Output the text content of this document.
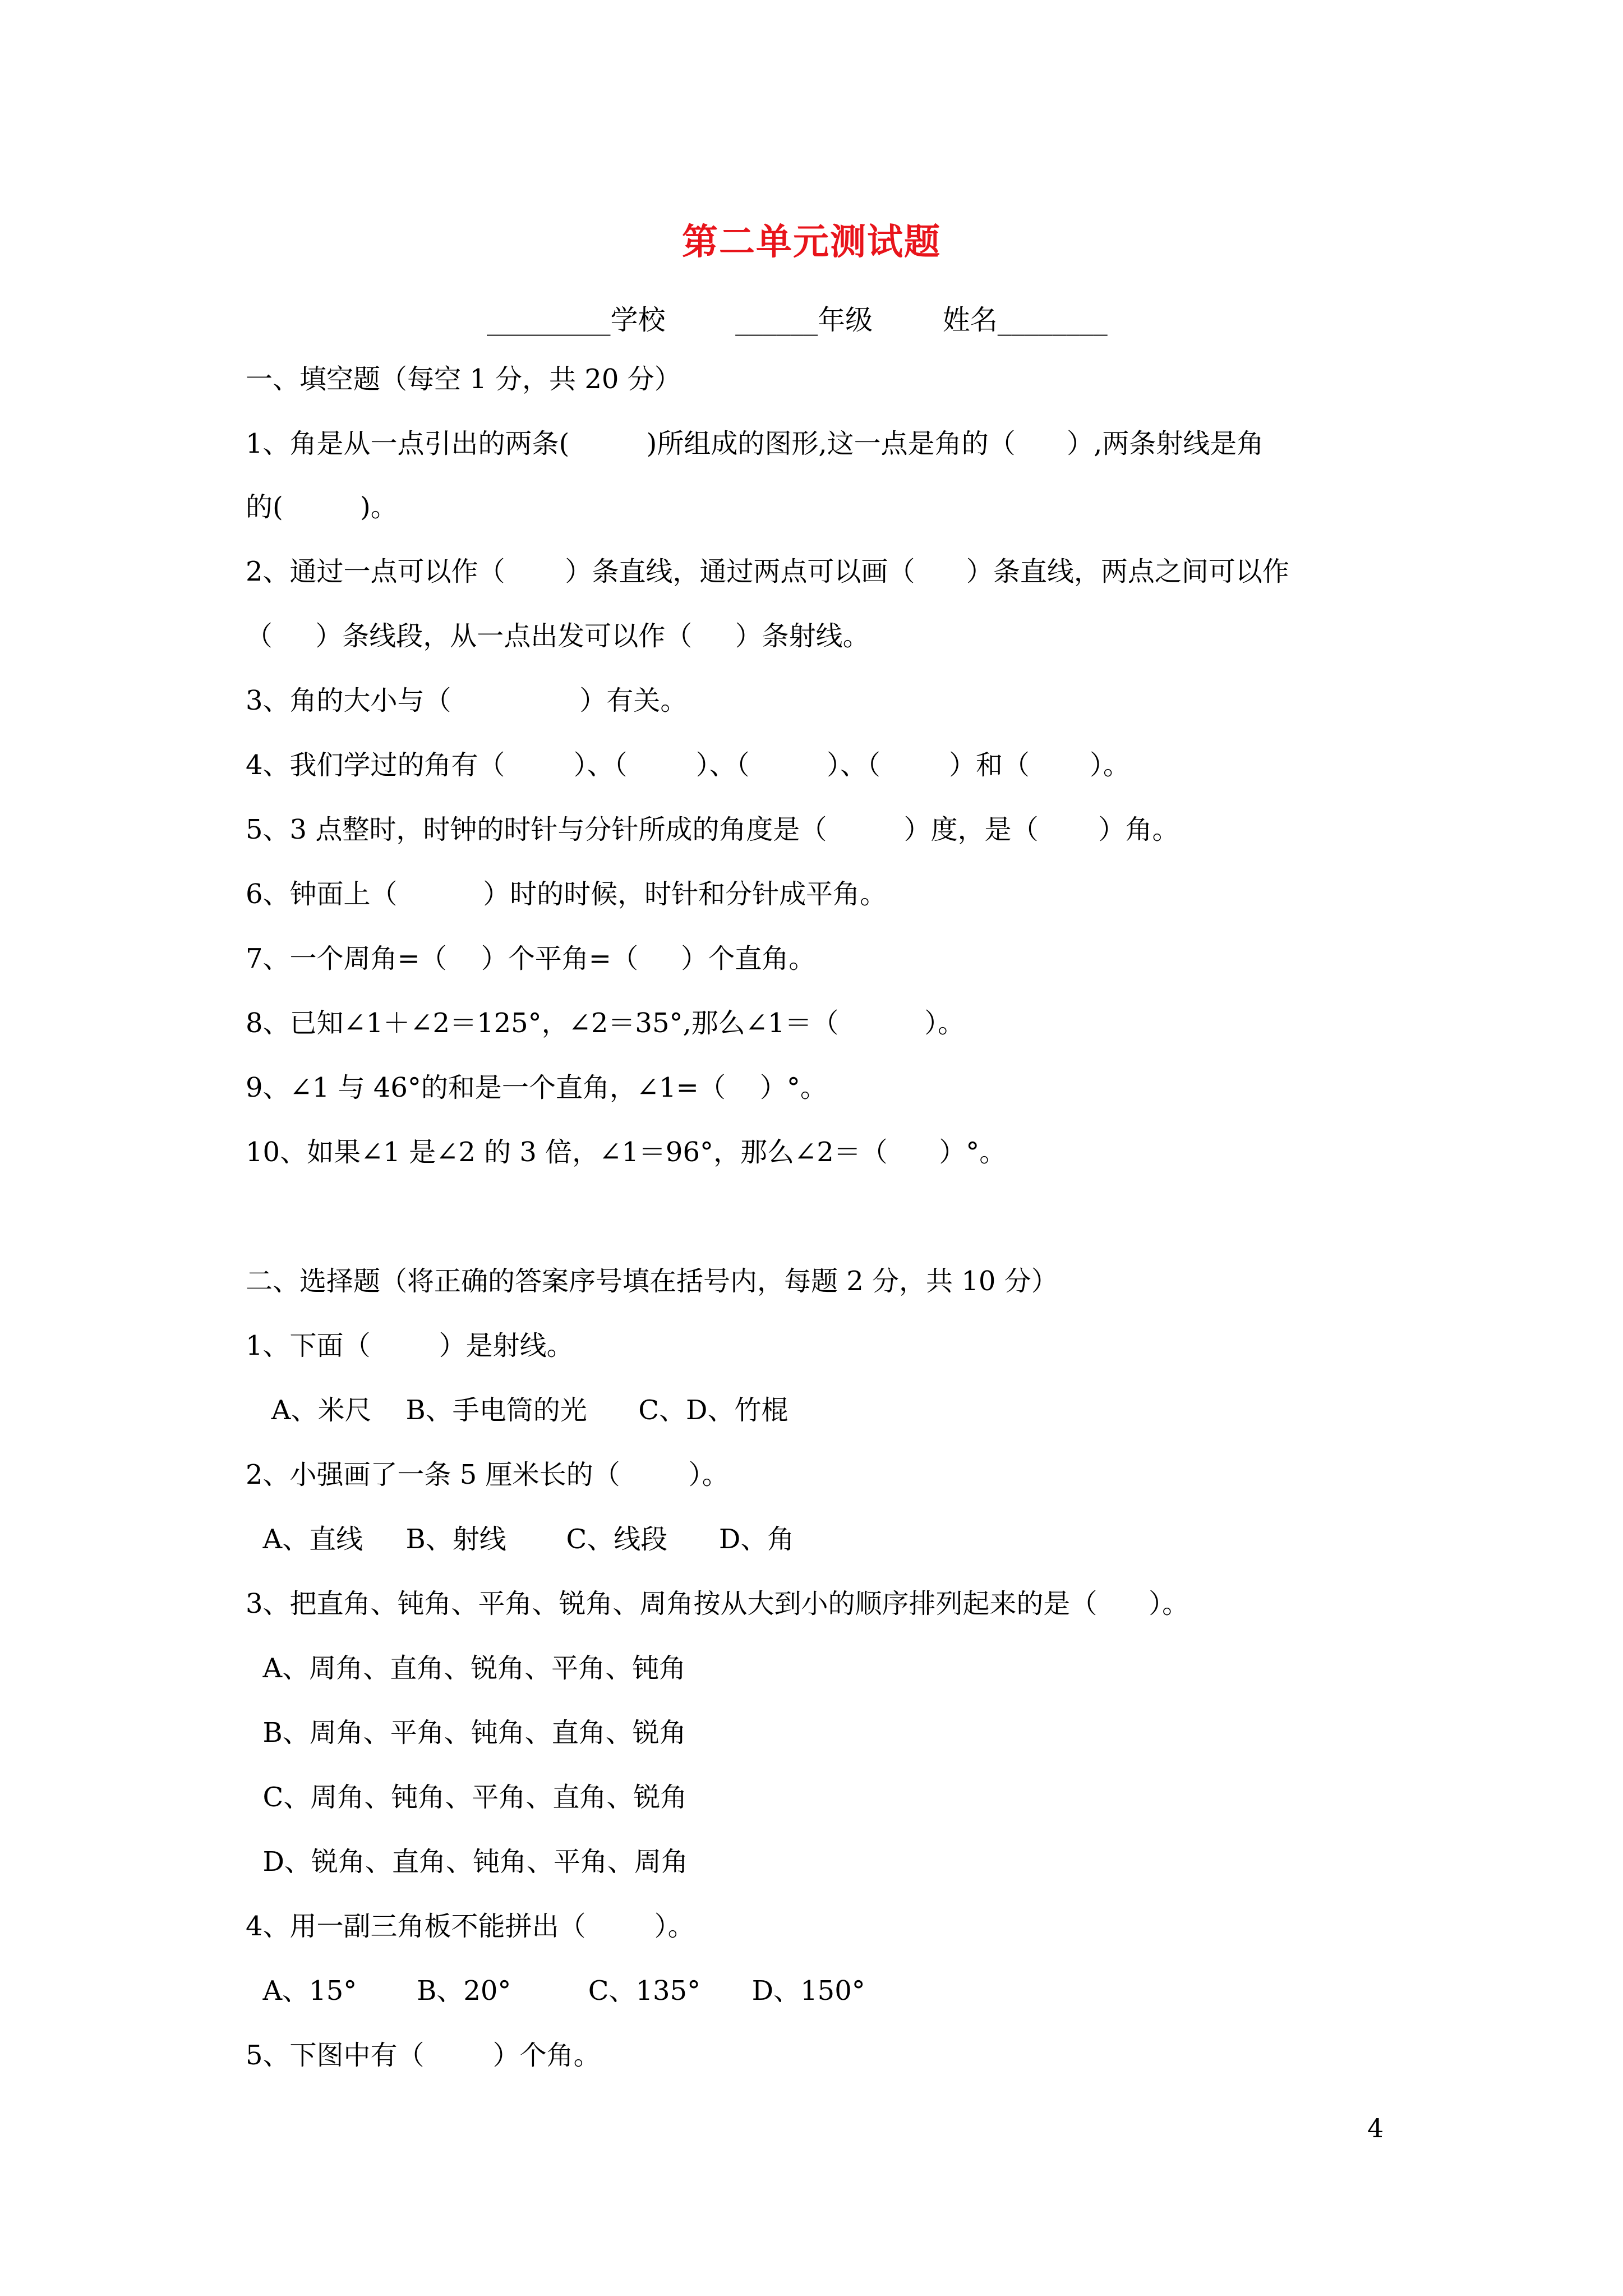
第二单元测试题
_________学校        ______年级        姓名________
一、填空题（每空 1 分，共 20 分）
1、角是从一点引出的两条(         )所组成的图形,这一点是角的（      ）,两条射线是角
的(         )。
2、通过一点可以作（       ）条直线，通过两点可以画（      ）条直线，两点之间可以作
（     ）条线段，从一点出发可以作（     ）条射线。
3、角的大小与（               ）有关。
4、我们学过的角有（        ）、（        ）、（         ）、（        ）和（       ）。
5、3 点整时，时钟的时针与分针所成的角度是（         ）度，是（       ）角。
6、钟面上（          ）时的时候，时针和分针成平角。
7、一个周角=（    ）个平角=（     ）个直角。
8、已知∠1＋∠2＝125°，∠2＝35°,那么∠1＝（          ）。
9、∠1 与 46°的和是一个直角，∠1=（    ）°。
10、如果∠1 是∠2 的 3 倍，∠1＝96°，那么∠2＝（      ）°。
二、选择题（将正确的答案序号填在括号内，每题 2 分，共 10 分）
1、下面（        ）是射线。
A、米尺    B、手电筒的光      C、D、竹棍
2、小强画了一条 5 厘米长的（        ）。
A、直线     B、射线       C、线段      D、角
3、把直角、钝角、平角、锐角、周角按从大到小的顺序排列起来的是（      ）。
A、周角、直角、锐角、平角、钝角
B、周角、平角、钝角、直角、锐角
C、周角、钝角、平角、直角、锐角
D、锐角、直角、钝角、平角、周角
4、用一副三角板不能拼出（        ）。
A、15°       B、20°         C、135°      D、150°
5、下图中有（        ）个角。
4
